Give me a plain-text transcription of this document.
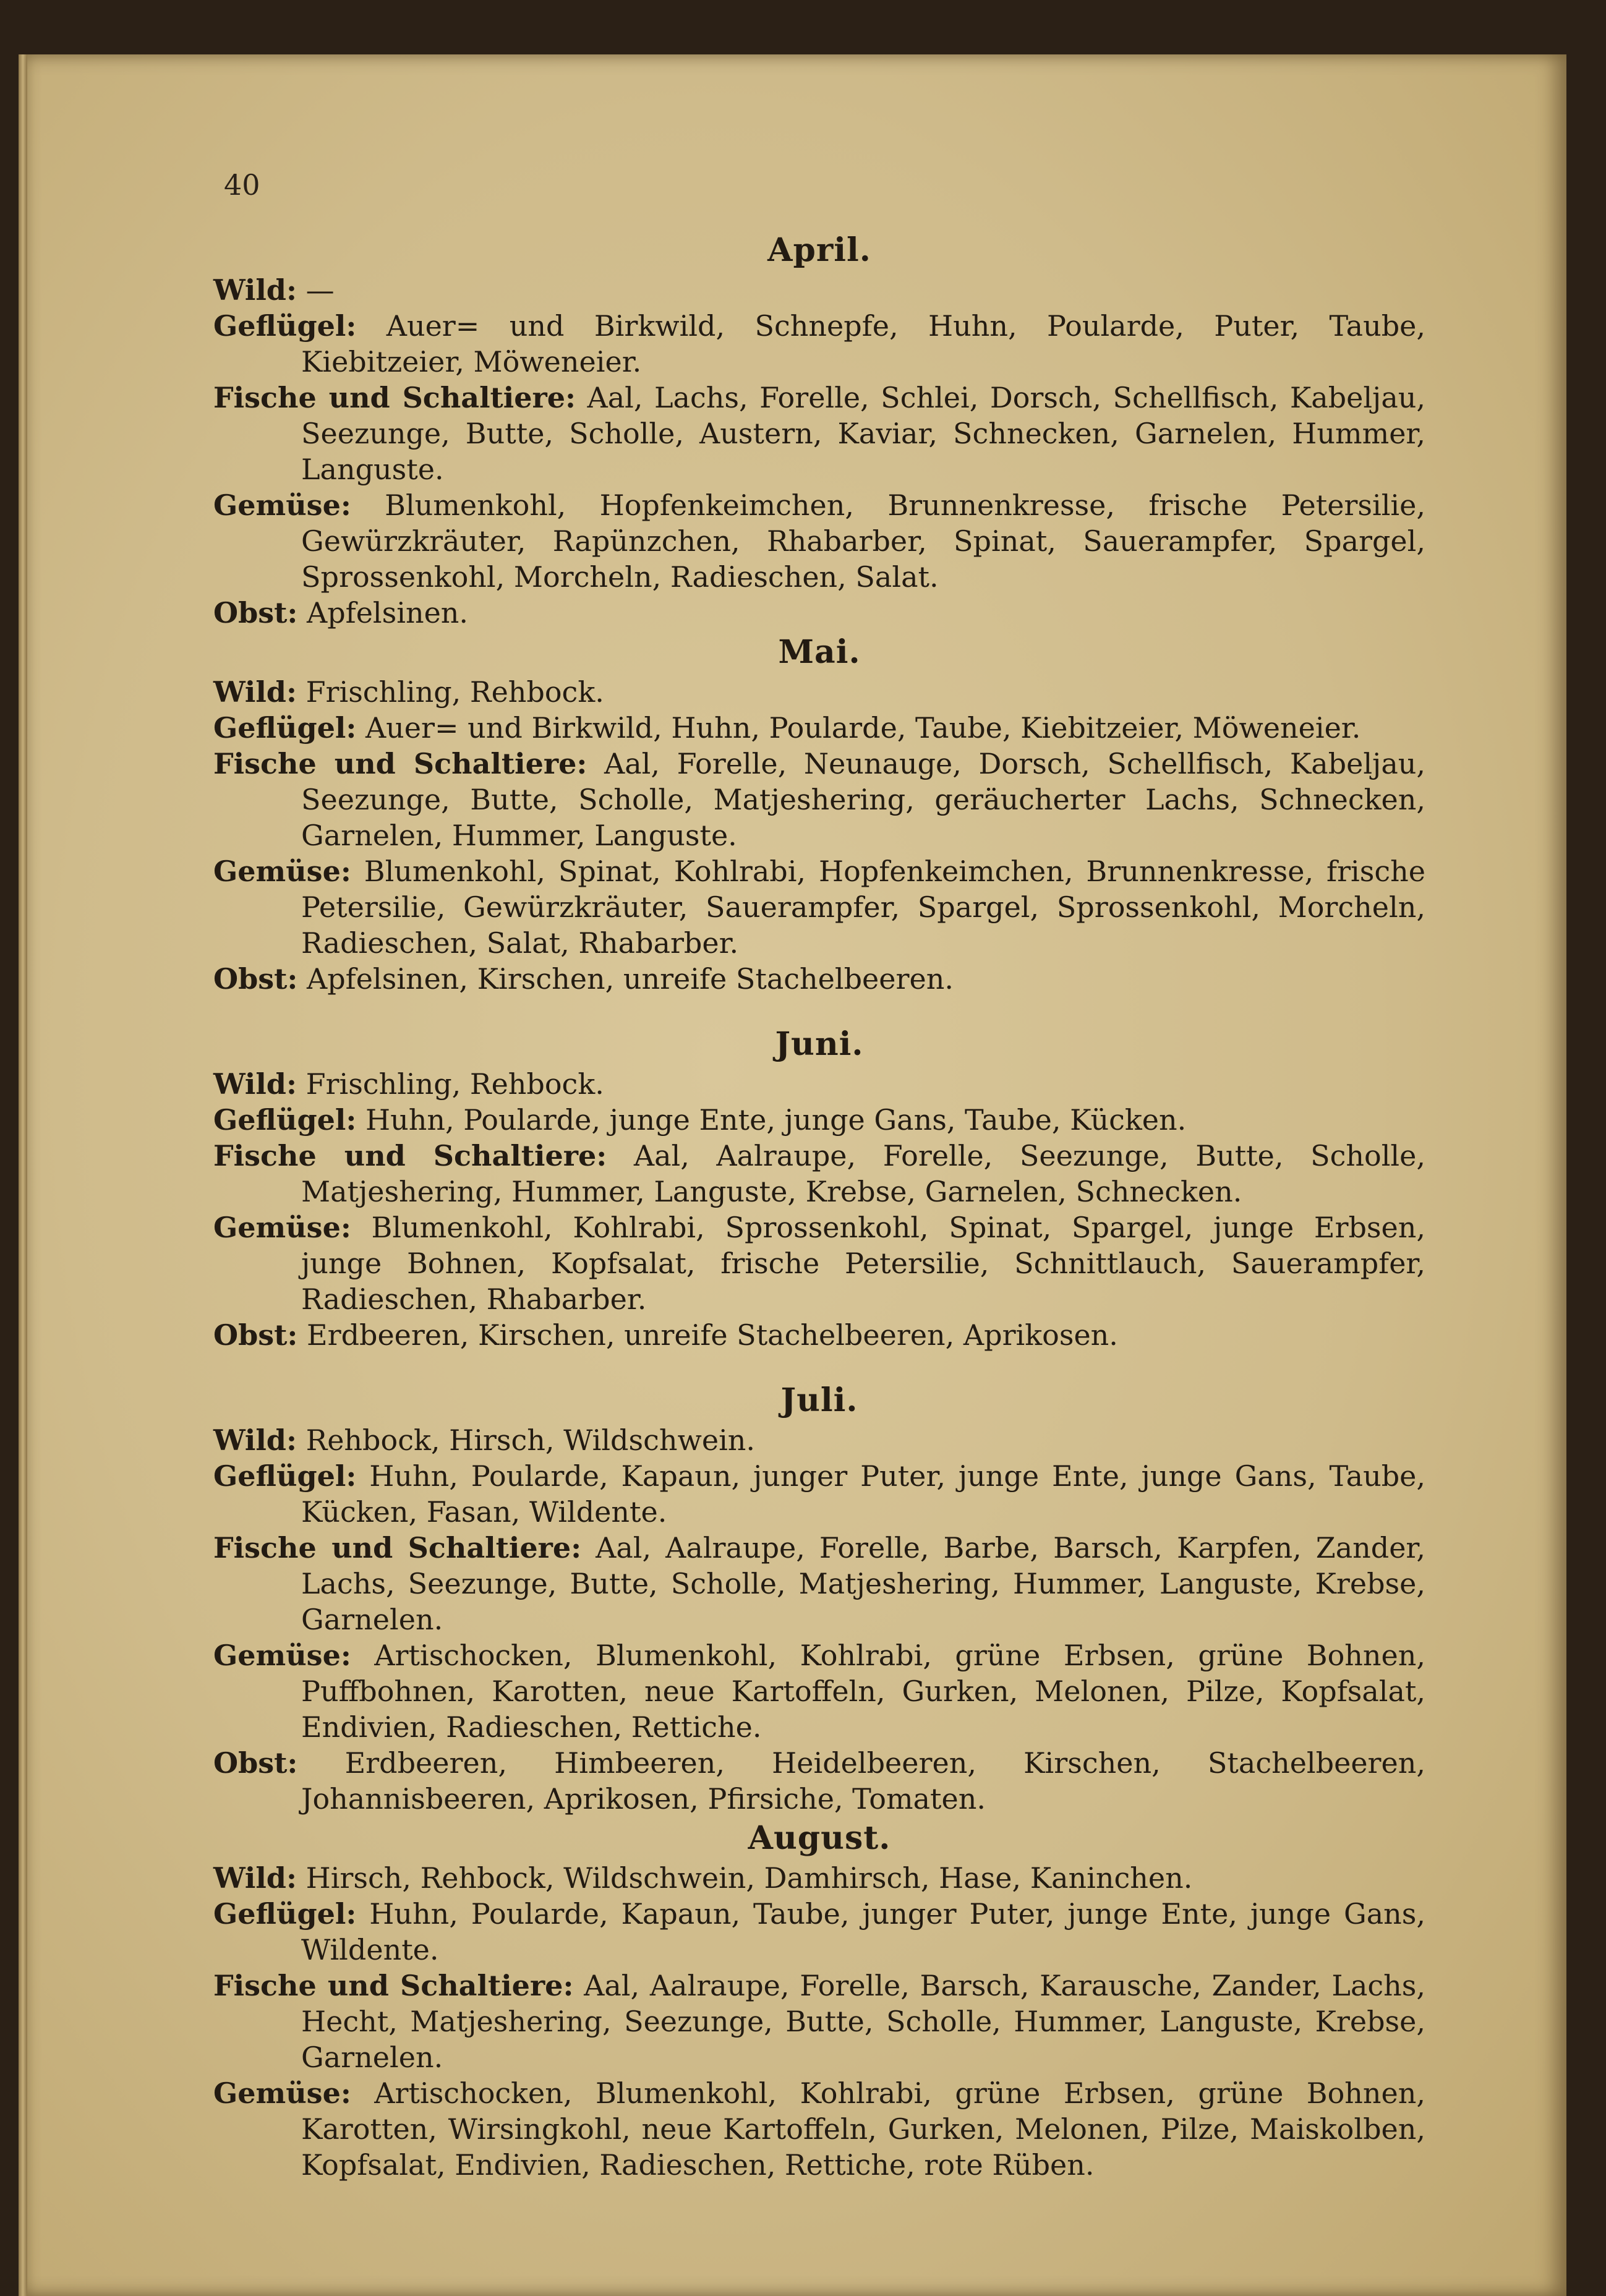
40
April.

Wild: —

Geflügel: Auer= und Birkwild, Schnepfe, Huhn, Poularde, Puter, Taube, Kiebitzeier, Möweneier.

Fische und Schaltiere: Aal, Lachs, Forelle, Schlei, Dorsch, Schellfisch, Kabeljau, Seezunge, Butte, Scholle, Austern, Kaviar, Schnecken, Garnelen, Hummer, Languste.

Gemüse: Blumenkohl, Hopfenkeimchen, Brunnenkresse, frische Petersilie, Gewürzkräuter, Rapünzchen, Rhabarber, Spinat, Sauerampfer, Spargel, Sprossenkohl, Morcheln, Radieschen, Salat.

Obst: Apfelsinen.

Mai.

Wild: Frischling, Rehbock.

Geflügel: Auer= und Birkwild, Huhn, Poularde, Taube, Kiebitzeier, Möweneier.

Fische und Schaltiere: Aal, Forelle, Neunauge, Dorsch, Schellfisch, Kabeljau, Seezunge, Butte, Scholle, Matjeshering, geräucherter Lachs, Schnecken, Garnelen, Hummer, Languste.

Gemüse: Blumenkohl, Spinat, Kohlrabi, Hopfenkeimchen, Brunnenkresse, frische Petersilie, Gewürzkräuter, Sauerampfer, Spargel, Sprossenkohl, Morcheln, Radieschen, Salat, Rhabarber.

Obst: Apfelsinen, Kirschen, unreife Stachelbeeren.

Juni.

Wild: Frischling, Rehbock.

Geflügel: Huhn, Poularde, junge Ente, junge Gans, Taube, Kücken.

Fische und Schaltiere: Aal, Aalraupe, Forelle, Seezunge, Butte, Scholle, Matjeshering, Hummer, Languste, Krebse, Garnelen, Schnecken.

Gemüse: Blumenkohl, Kohlrabi, Sprossenkohl, Spinat, Spargel, junge Erbsen, junge Bohnen, Kopfsalat, frische Petersilie, Schnittlauch, Sauerampfer, Radieschen, Rhabarber.

Obst: Erdbeeren, Kirschen, unreife Stachelbeeren, Aprikosen.

Juli.

Wild: Rehbock, Hirsch, Wildschwein.

Geflügel: Huhn, Poularde, Kapaun, junger Puter, junge Ente, junge Gans, Taube, Kücken, Fasan, Wildente.

Fische und Schaltiere: Aal, Aalraupe, Forelle, Barbe, Barsch, Karpfen, Zander, Lachs, Seezunge, Butte, Scholle, Matjeshering, Hummer, Languste, Krebse, Garnelen.

Gemüse: Artischocken, Blumenkohl, Kohlrabi, grüne Erbsen, grüne Bohnen, Puffbohnen, Karotten, neue Kartoffeln, Gurken, Melonen, Pilze, Kopfsalat, Endivien, Radieschen, Rettiche.

Obst: Erdbeeren, Himbeeren, Heidelbeeren, Kirschen, Stachelbeeren, Johannisbeeren, Aprikosen, Pfirsiche, Tomaten.

August.

Wild: Hirsch, Rehbock, Wildschwein, Damhirsch, Hase, Kaninchen.

Geflügel: Huhn, Poularde, Kapaun, Taube, junger Puter, junge Ente, junge Gans, Wildente.

Fische und Schaltiere: Aal, Aalraupe, Forelle, Barsch, Karausche, Zander, Lachs, Hecht, Matjeshering, Seezunge, Butte, Scholle, Hummer, Languste, Krebse, Garnelen.

Gemüse: Artischocken, Blumenkohl, Kohlrabi, grüne Erbsen, grüne Bohnen, Karotten, Wirsingkohl, neue Kartoffeln, Gurken, Melonen, Pilze, Maiskolben, Kopfsalat, Endivien, Radieschen, Rettiche, rote Rüben.
